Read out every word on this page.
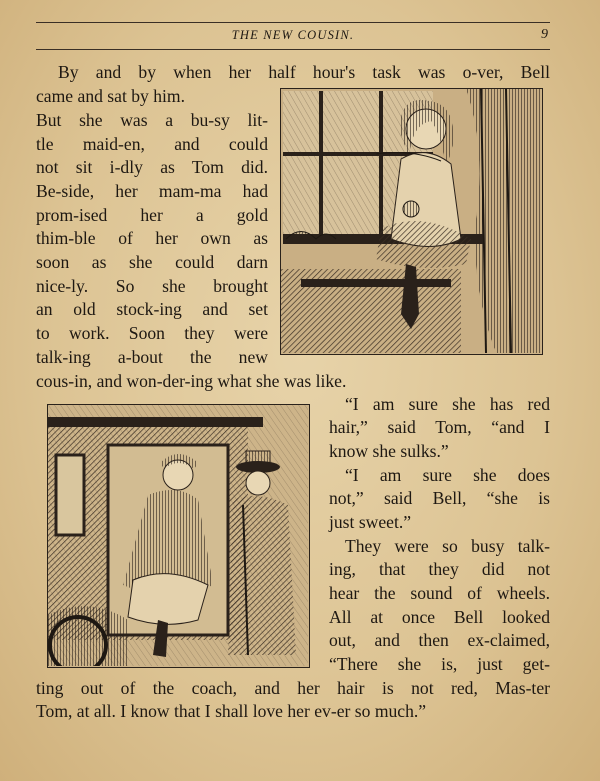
THE NEW COUSIN.	9
By and by when her half hour's task was o-ver, Bell
came and sat by him.
But she was a bu-sy lit-
tle maid-en, and could
not sit i-dly as Tom did.
Be-side, her mam-ma had
prom-ised her a gold
thim-ble of her own as
soon as she could darn
nice-ly. So she brought
an old stock-ing and set
to work. Soon they were
talk-ing a-bout the new
cous-in, and won-der-ing what she was like.
“I am sure she has red
hair,” said Tom, “and I
know she sulks.”
“I am sure she does
not,” said Bell, “she is
just sweet.”
They were so busy talk-
ing, that they did not
hear the sound of wheels.
All at once Bell looked
out, and then ex-claimed,
“There she is, just get-
ting out of the coach, and her hair is not red, Mas-ter
Tom, at all. I know that I shall love her ev-er so much.”
